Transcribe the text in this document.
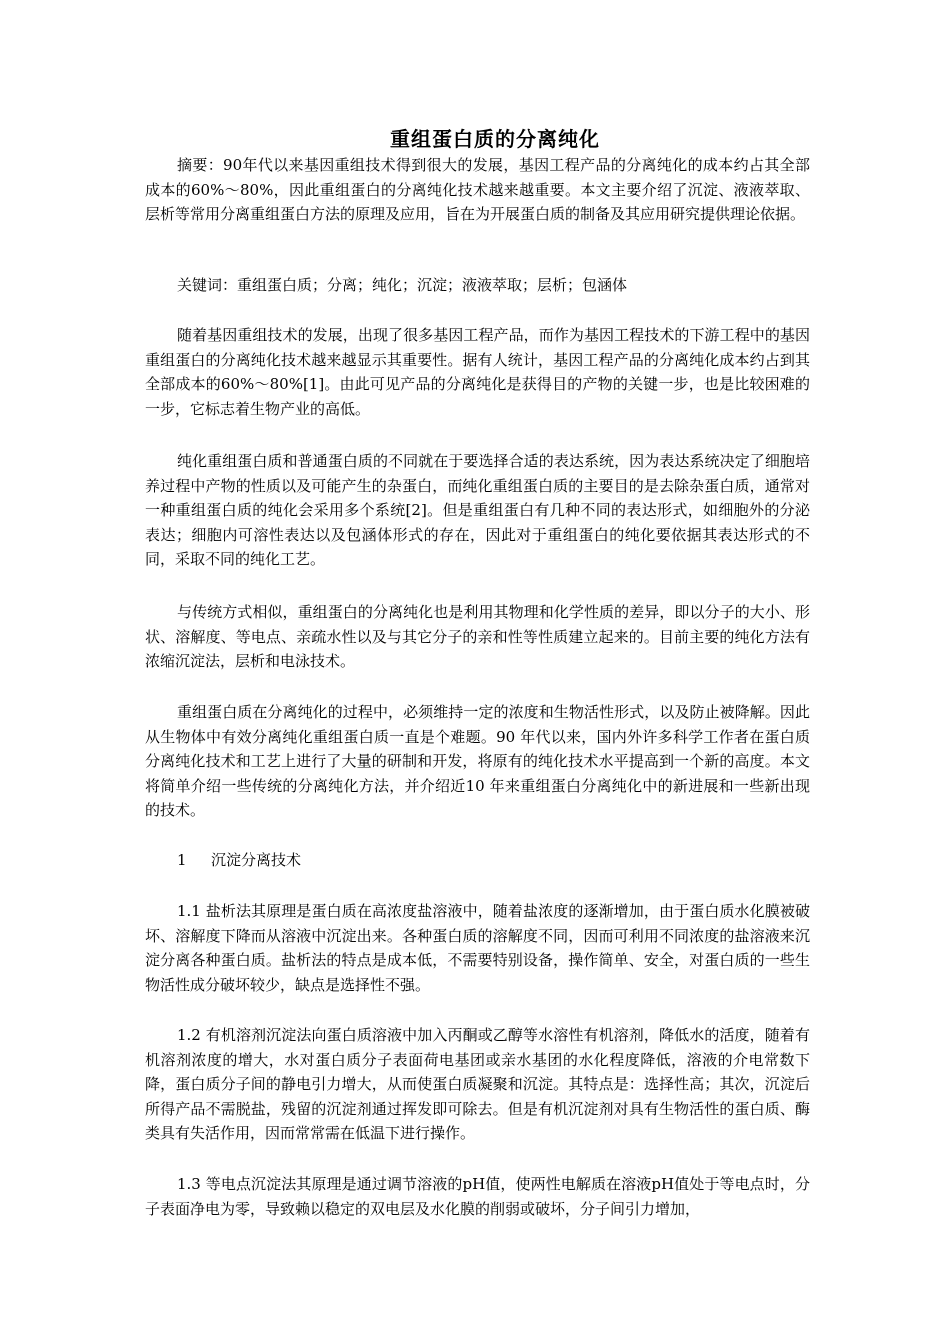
重组蛋白质的分离纯化

摘要：90年代以来基因重组技术得到很大的发展，基因工程产品的分离纯化的成本约占其全部成本的60%～80%，因此重组蛋白的分离纯化技术越来越重要。本文主要介绍了沉淀、液液萃取、层析等常用分离重组蛋白方法的原理及应用，旨在为开展蛋白质的制备及其应用研究提供理论依据。

关键词：重组蛋白质；分离；纯化；沉淀；液液萃取；层析；包涵体

随着基因重组技术的发展，出现了很多基因工程产品，而作为基因工程技术的下游工程中的基因重组蛋白的分离纯化技术越来越显示其重要性。据有人统计，基因工程产品的分离纯化成本约占到其全部成本的60%～80%[1]。由此可见产品的分离纯化是获得目的产物的关键一步，也是比较困难的一步，它标志着生物产业的高低。

纯化重组蛋白质和普通蛋白质的不同就在于要选择合适的表达系统，因为表达系统决定了细胞培养过程中产物的性质以及可能产生的杂蛋白，而纯化重组蛋白质的主要目的是去除杂蛋白质，通常对一种重组蛋白质的纯化会采用多个系统[2]。但是重组蛋白有几种不同的表达形式，如细胞外的分泌表达；细胞内可溶性表达以及包涵体形式的存在，因此对于重组蛋白的纯化要依据其表达形式的不同，采取不同的纯化工艺。

与传统方式相似，重组蛋白的分离纯化也是利用其物理和化学性质的差异，即以分子的大小、形状、溶解度、等电点、亲疏水性以及与其它分子的亲和性等性质建立起来的。目前主要的纯化方法有浓缩沉淀法，层析和电泳技术。

重组蛋白质在分离纯化的过程中，必须维持一定的浓度和生物活性形式，以及防止被降解。因此从生物体中有效分离纯化重组蛋白质一直是个难题。90 年代以来，国内外许多科学工作者在蛋白质分离纯化技术和工艺上进行了大量的研制和开发，将原有的纯化技术水平提高到一个新的高度。本文将简单介绍一些传统的分离纯化方法，并介绍近10 年来重组蛋白分离纯化中的新进展和一些新出现的技术。

1 沉淀分离技术

1.1 盐析法其原理是蛋白质在高浓度盐溶液中，随着盐浓度的逐渐增加，由于蛋白质水化膜被破坏、溶解度下降而从溶液中沉淀出来。各种蛋白质的溶解度不同，因而可利用不同浓度的盐溶液来沉淀分离各种蛋白质。盐析法的特点是成本低，不需要特别设备，操作简单、安全，对蛋白质的一些生物活性成分破坏较少，缺点是选择性不强。

1.2 有机溶剂沉淀法向蛋白质溶液中加入丙酮或乙醇等水溶性有机溶剂，降低水的活度，随着有机溶剂浓度的增大，水对蛋白质分子表面荷电基团或亲水基团的水化程度降低，溶液的介电常数下降，蛋白质分子间的静电引力增大，从而使蛋白质凝聚和沉淀。其特点是：选择性高；其次，沉淀后所得产品不需脱盐，残留的沉淀剂通过挥发即可除去。但是有机沉淀剂对具有生物活性的蛋白质、酶类具有失活作用，因而常常需在低温下进行操作。

1.3 等电点沉淀法其原理是通过调节溶液的pH值，使两性电解质在溶液pH值处于等电点时，分子表面净电为零，导致赖以稳定的双电层及水化膜的削弱或破坏，分子间引力增加，
